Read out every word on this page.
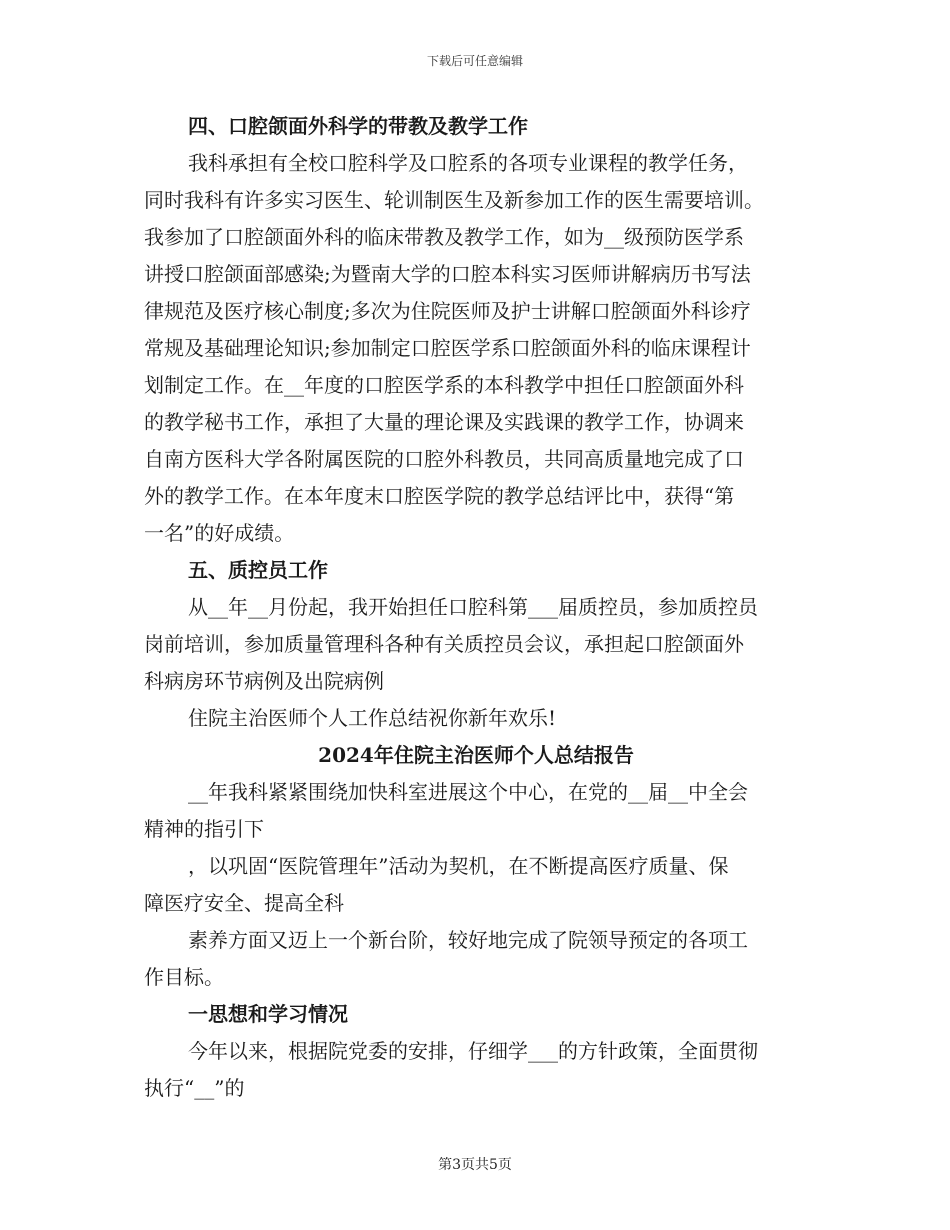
下载后可任意编辑
四、口腔颌面外科学的带教及教学工作
我科承担有全校口腔科学及口腔系的各项专业课程的教学任务，
同时我科有许多实习医生、轮训制医生及新参加工作的医生需要培训。
我参加了口腔颌面外科的临床带教及教学工作，如为__级预防医学系
讲授口腔颌面部感染;为暨南大学的口腔本科实习医师讲解病历书写法
律规范及医疗核心制度;多次为住院医师及护士讲解口腔颌面外科诊疗
常规及基础理论知识;参加制定口腔医学系口腔颌面外科的临床课程计
划制定工作。在__年度的口腔医学系的本科教学中担任口腔颌面外科
的教学秘书工作，承担了大量的理论课及实践课的教学工作，协调来
自南方医科大学各附属医院的口腔外科教员，共同高质量地完成了口
外的教学工作。在本年度末口腔医学院的教学总结评比中，获得“第
一名”的好成绩。
五、质控员工作
从__年__月份起，我开始担任口腔科第___届质控员，参加质控员
岗前培训，参加质量管理科各种有关质控员会议，承担起口腔颌面外
科病房环节病例及出院病例
住院主治医师个人工作总结祝你新年欢乐!
2024年住院主治医师个人总结报告
__年我科紧紧围绕加快科室进展这个中心，在党的__届__中全会
精神的指引下
，以巩固“医院管理年”活动为契机，在不断提高医疗质量、保
障医疗安全、提高全科
素养方面又迈上一个新台阶，较好地完成了院领导预定的各项工
作目标。
一思想和学习情况
今年以来，根据院党委的安排，仔细学___的方针政策，全面贯彻
执行“__”的
第3页共5页
